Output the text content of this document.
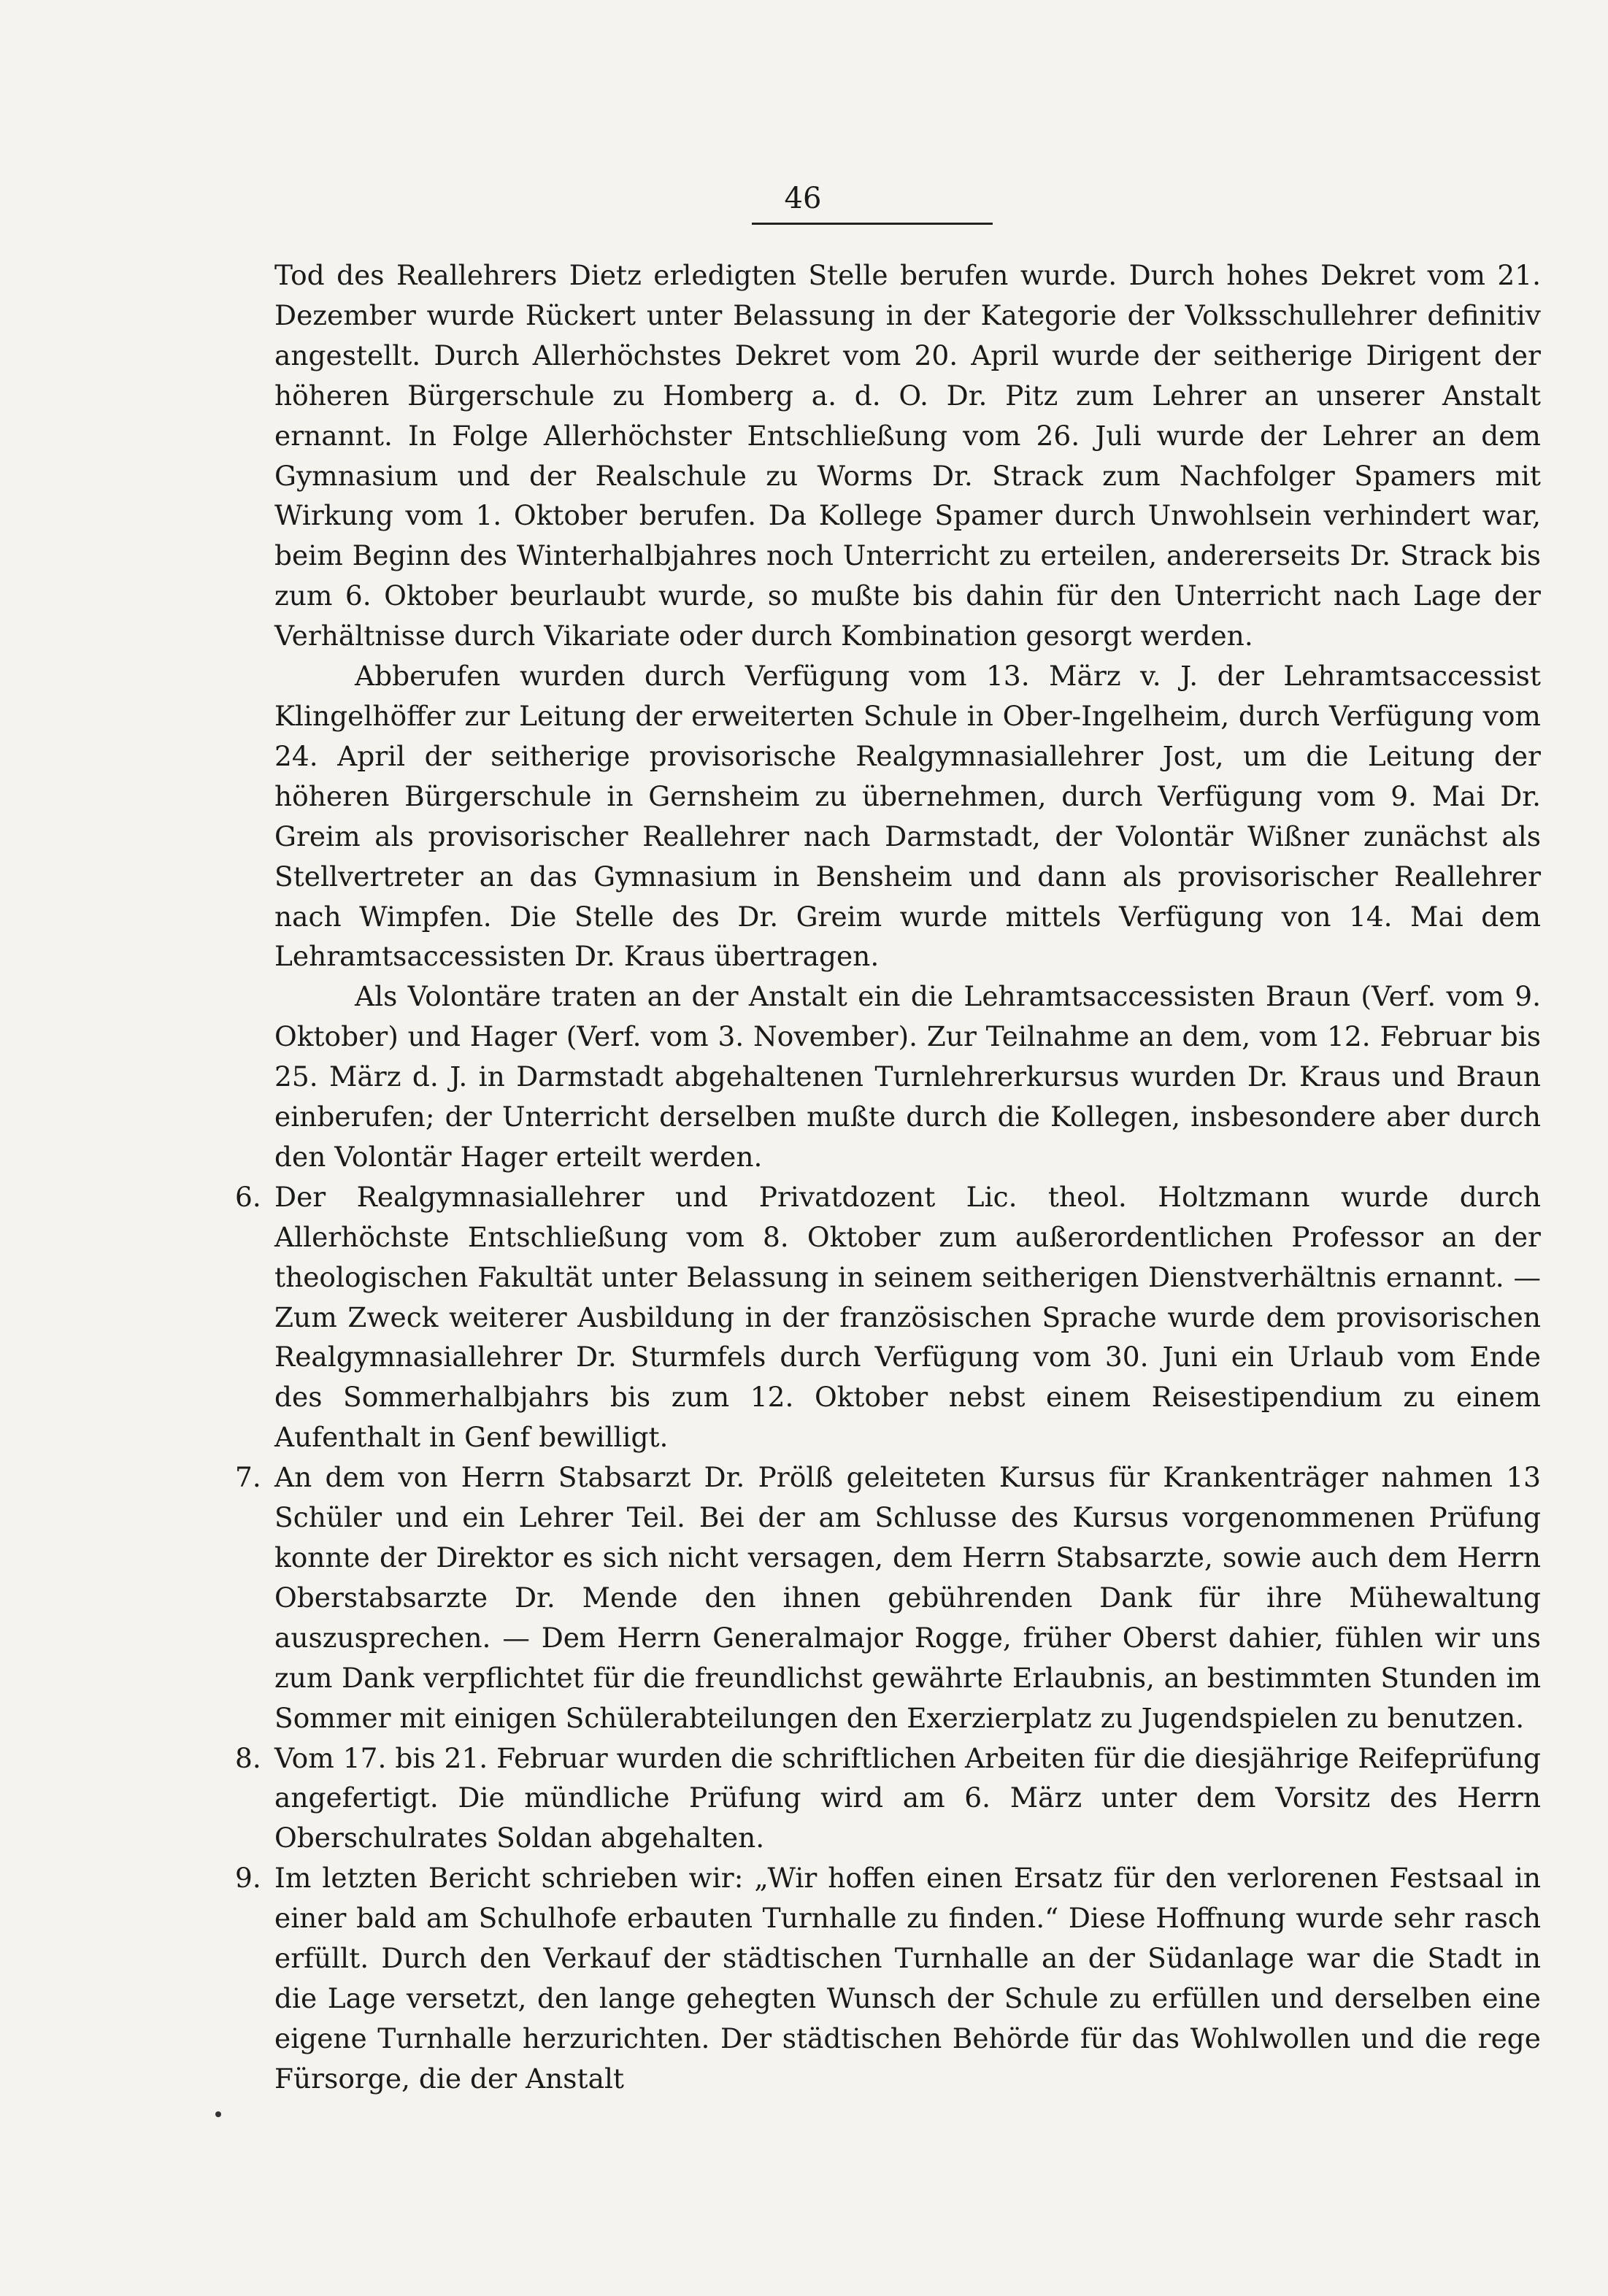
46

Tod des Reallehrers Dietz erledigten Stelle berufen wurde. Durch hohes Dekret vom 21. Dezember wurde Rückert unter Belassung in der Kategorie der Volksschullehrer definitiv angestellt. Durch Allerhöchstes Dekret vom 20. April wurde der seitherige Dirigent der höheren Bürgerschule zu Homberg a. d. O. Dr. Pitz zum Lehrer an unserer Anstalt ernannt. In Folge Allerhöchster Entschließung vom 26. Juli wurde der Lehrer an dem Gymnasium und der Realschule zu Worms Dr. Strack zum Nachfolger Spamers mit Wirkung vom 1. Oktober berufen. Da Kollege Spamer durch Unwohlsein verhindert war, beim Beginn des Winterhalbjahres noch Unterricht zu erteilen, andererseits Dr. Strack bis zum 6. Oktober beurlaubt wurde, so mußte bis dahin für den Unterricht nach Lage der Verhältnisse durch Vikariate oder durch Kombination gesorgt werden.

Abberufen wurden durch Verfügung vom 13. März v. J. der Lehramtsaccessist Klingelhöffer zur Leitung der erweiterten Schule in Ober-Ingelheim, durch Verfügung vom 24. April der seitherige provisorische Realgymnasiallehrer Jost, um die Leitung der höheren Bürgerschule in Gernsheim zu übernehmen, durch Verfügung vom 9. Mai Dr. Greim als provisorischer Reallehrer nach Darmstadt, der Volontär Wißner zunächst als Stellvertreter an das Gymnasium in Bensheim und dann als provisorischer Reallehrer nach Wimpfen. Die Stelle des Dr. Greim wurde mittels Verfügung von 14. Mai dem Lehramtsaccessisten Dr. Kraus übertragen.

Als Volontäre traten an der Anstalt ein die Lehramtsaccessisten Braun (Verf. vom 9. Oktober) und Hager (Verf. vom 3. November). Zur Teilnahme an dem, vom 12. Februar bis 25. März d. J. in Darmstadt abgehaltenen Turnlehrerkursus wurden Dr. Kraus und Braun einberufen; der Unterricht derselben mußte durch die Kollegen, insbesondere aber durch den Volontär Hager erteilt werden.

6. Der Realgymnasiallehrer und Privatdozent Lic. theol. Holtzmann wurde durch Allerhöchste Entschließung vom 8. Oktober zum außerordentlichen Professor an der theologischen Fakultät unter Belassung in seinem seitherigen Dienstverhältnis ernannt. — Zum Zweck weiterer Ausbildung in der französischen Sprache wurde dem provisorischen Realgymnasiallehrer Dr. Sturmfels durch Verfügung vom 30. Juni ein Urlaub vom Ende des Sommerhalbjahrs bis zum 12. Oktober nebst einem Reisestipendium zu einem Aufenthalt in Genf bewilligt.

7. An dem von Herrn Stabsarzt Dr. Prölß geleiteten Kursus für Krankenträger nahmen 13 Schüler und ein Lehrer Teil. Bei der am Schlusse des Kursus vorgenommenen Prüfung konnte der Direktor es sich nicht versagen, dem Herrn Stabsarzte, sowie auch dem Herrn Oberstabsarzte Dr. Mende den ihnen gebührenden Dank für ihre Mühewaltung auszusprechen. — Dem Herrn Generalmajor Rogge, früher Oberst dahier, fühlen wir uns zum Dank verpflichtet für die freundlichst gewährte Erlaubnis, an bestimmten Stunden im Sommer mit einigen Schülerabteilungen den Exerzierplatz zu Jugendspielen zu benutzen.

8. Vom 17. bis 21. Februar wurden die schriftlichen Arbeiten für die diesjährige Reifeprüfung angefertigt. Die mündliche Prüfung wird am 6. März unter dem Vorsitz des Herrn Oberschulrates Soldan abgehalten.

9. Im letzten Bericht schrieben wir: „Wir hoffen einen Ersatz für den verlorenen Festsaal in einer bald am Schulhofe erbauten Turnhalle zu finden.“ Diese Hoffnung wurde sehr rasch erfüllt. Durch den Verkauf der städtischen Turnhalle an der Südanlage war die Stadt in die Lage versetzt, den lange gehegten Wunsch der Schule zu erfüllen und derselben eine eigene Turnhalle herzurichten. Der städtischen Behörde für das Wohlwollen und die rege Fürsorge, die der Anstalt
